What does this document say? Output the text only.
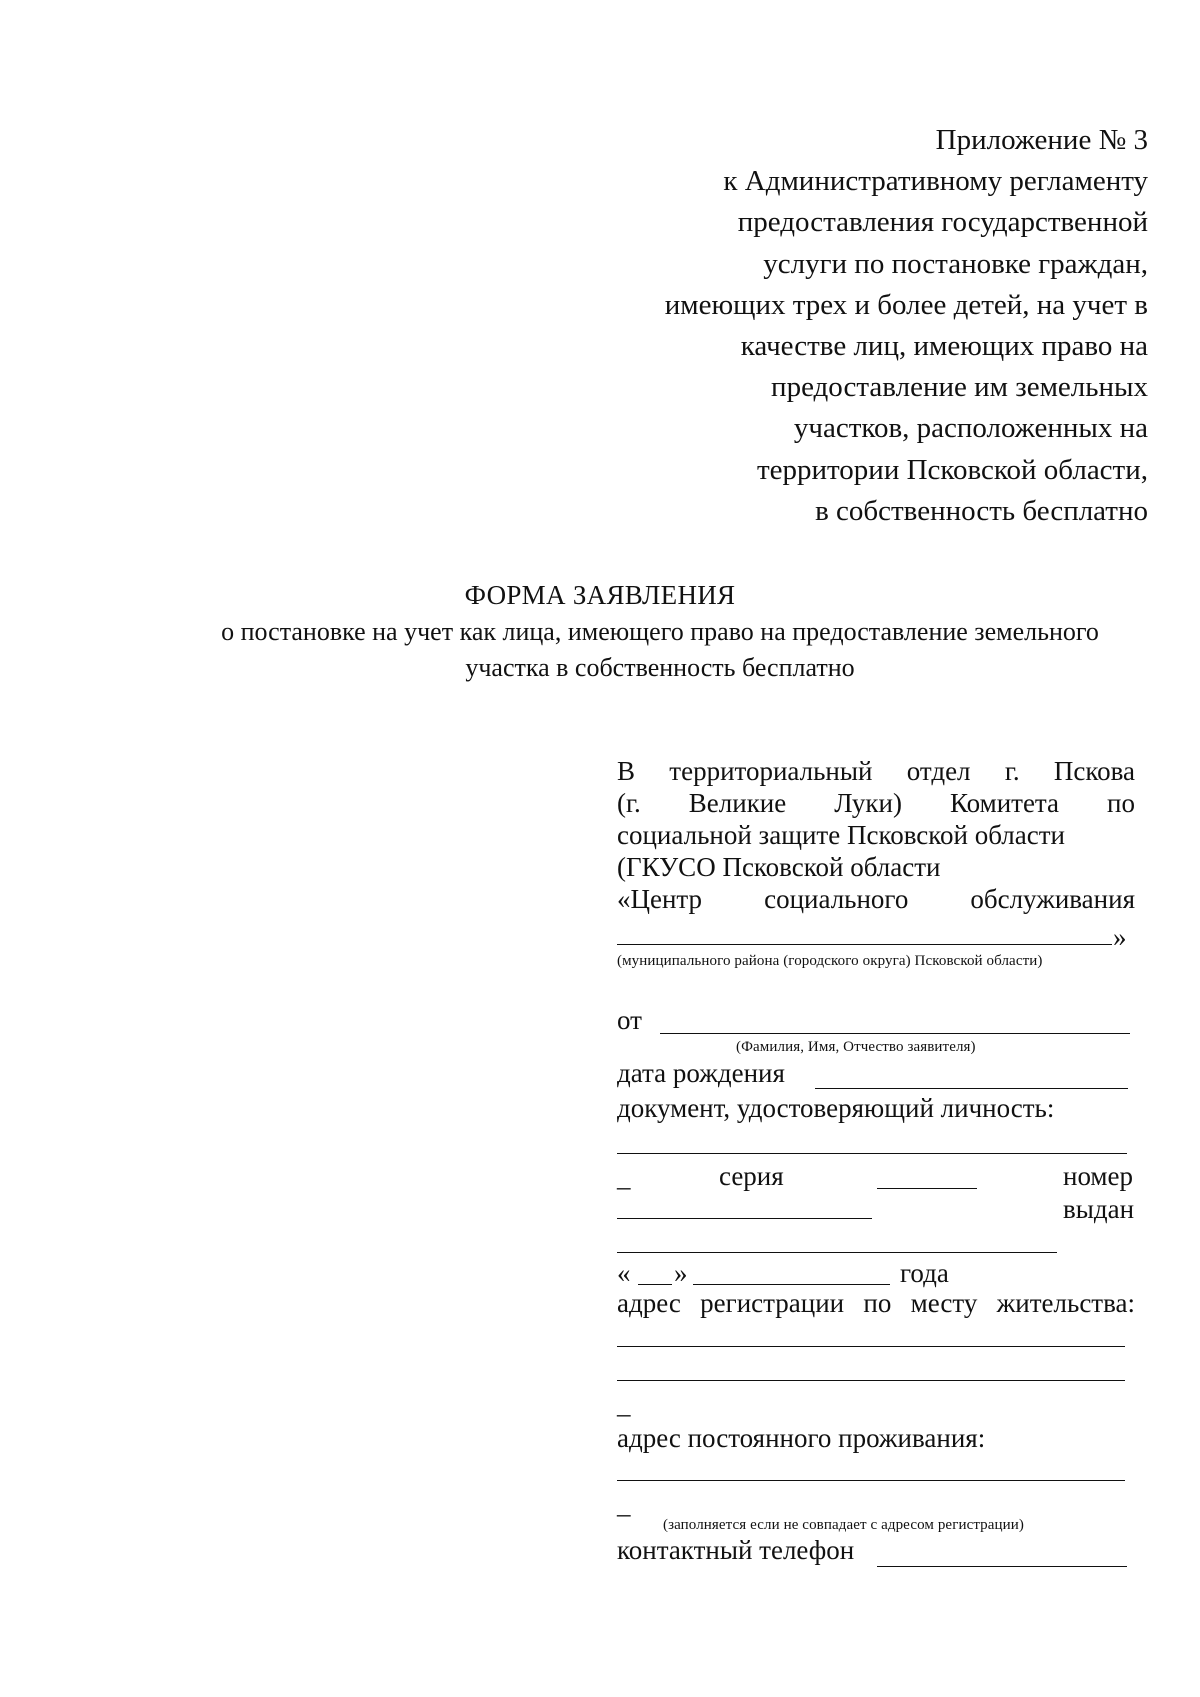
Приложение № 3
к Административному регламенту
предоставления государственной
услуги по постановке граждан,
имеющих трех и более детей, на учет в
качестве лиц, имеющих право на
предоставление им земельных
участков, расположенных на
территории Псковской области,
в собственность бесплатно
ФОРМА ЗАЯВЛЕНИЯ
о постановке на учет как лица, имеющего право на предоставление земельного
участка в собственность бесплатно
В территориальный отдел г. Пскова
(г. Великие Луки) Комитета по
социальной защите Псковской области
(ГКУСО Псковской области
«Центр социального обслуживания
»
(муниципального района (городского округа) Псковской области)
от
(Фамилия, Имя, Отчество заявителя)
дата рождения
документ, удостоверяющий личность:
_	серия	номер
выдан
« »	года
адрес регистрации по месту жительства:
_
адрес постоянного проживания:
_
(заполняется если не совпадает с адресом регистрации)
контактный телефон
